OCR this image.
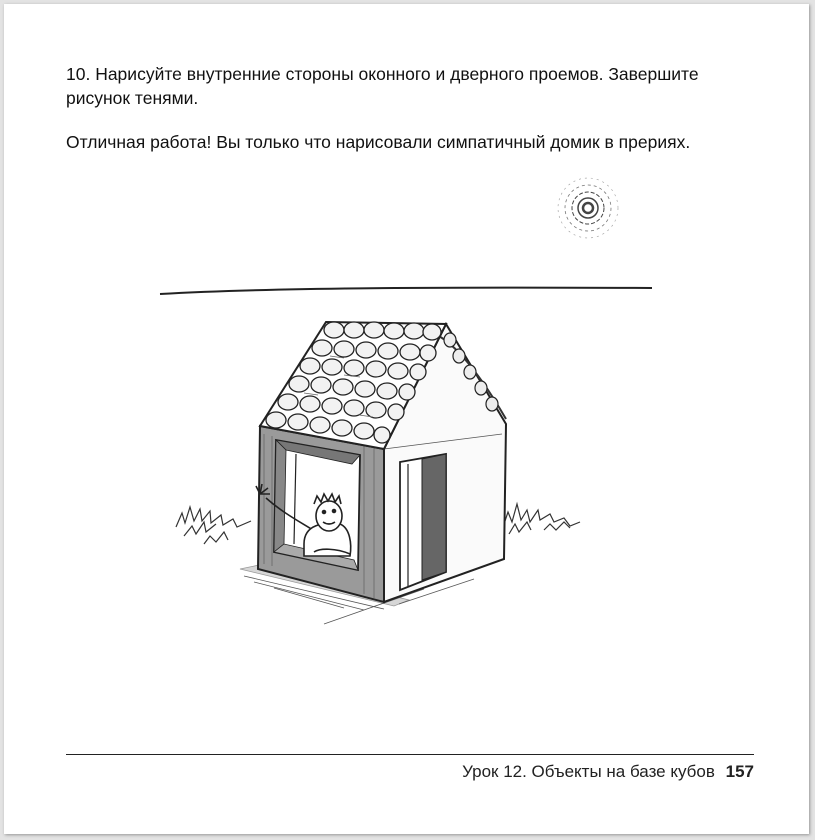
10. Нарисуйте внутренние стороны оконного и дверного проемов. Завершите рисунок тенями.

Отличная работа! Вы только что нарисовали симпатичный домик в прериях.

Урок 12. Объекты на базе кубов 157
